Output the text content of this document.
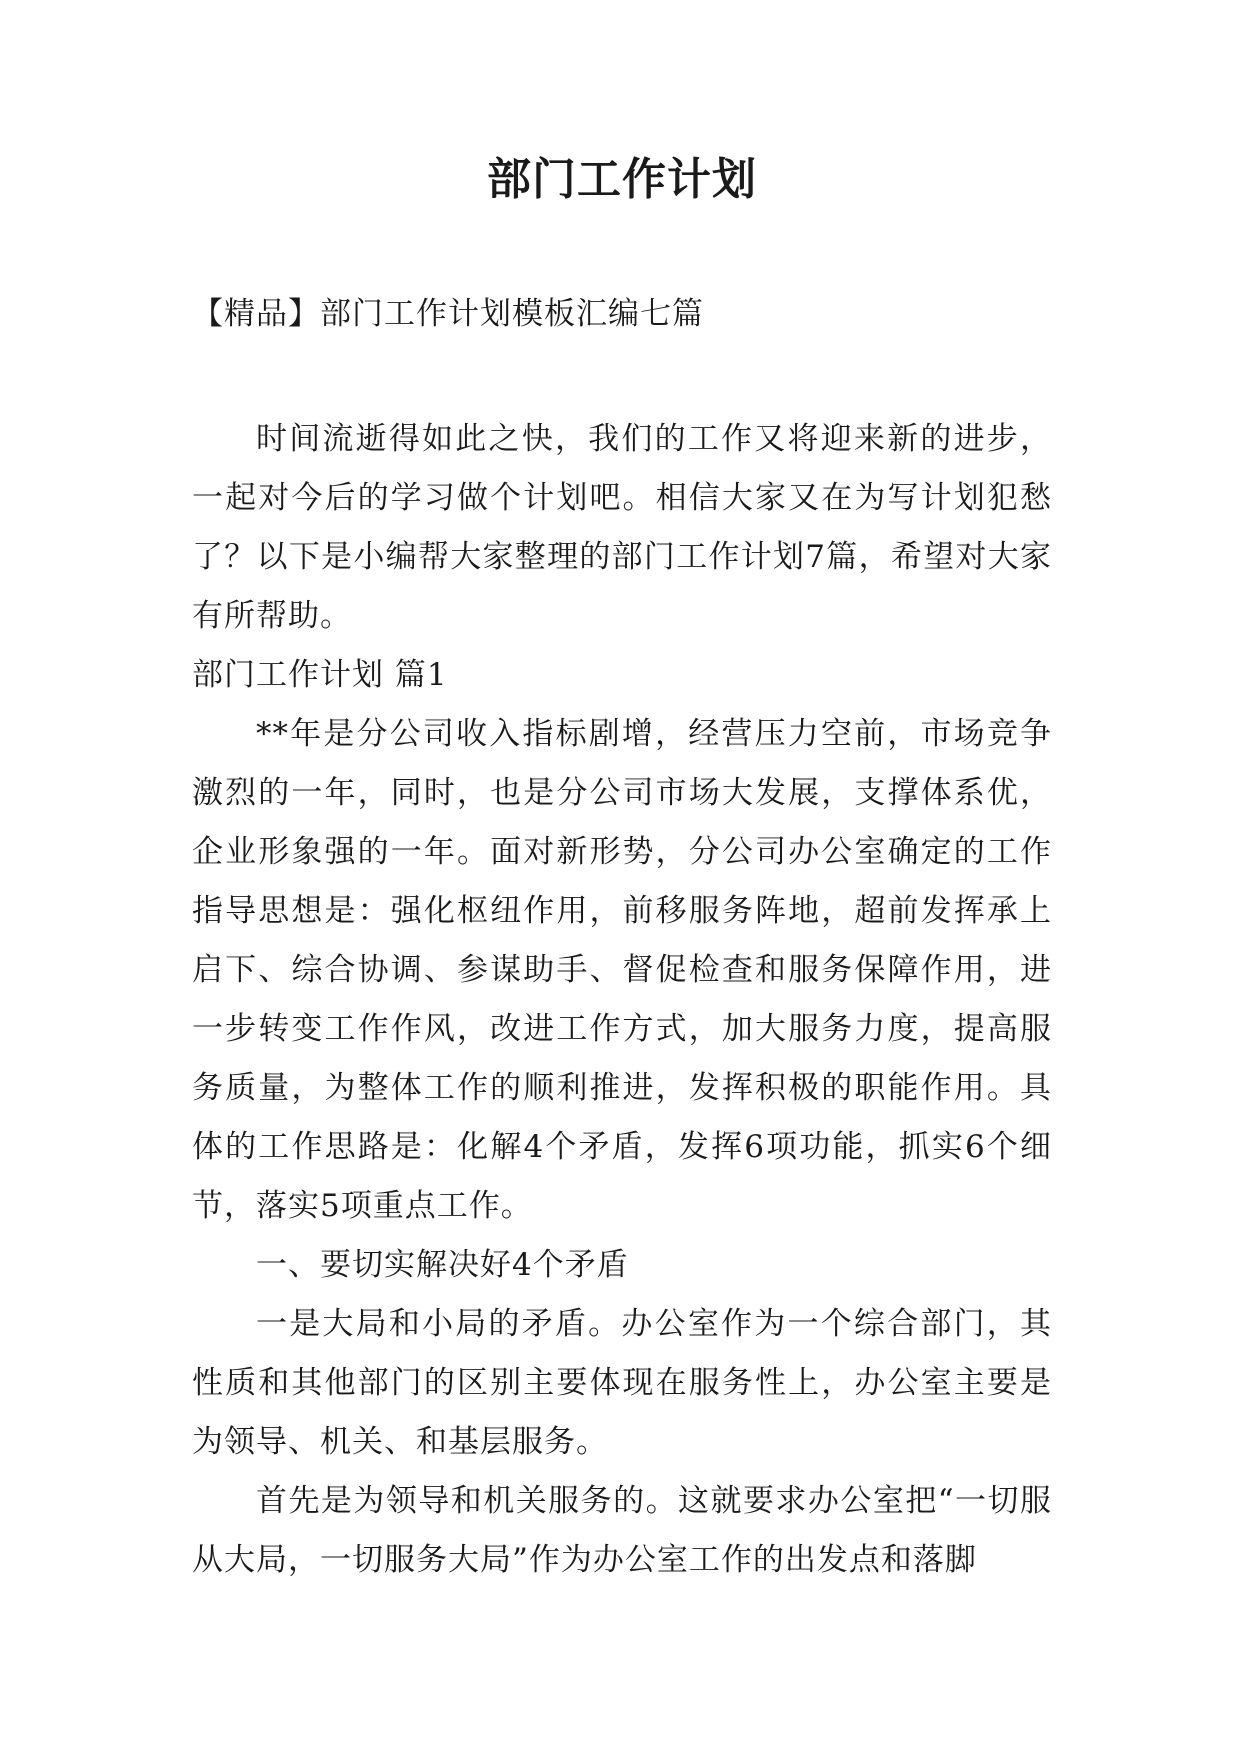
部门工作计划

【精品】部门工作计划模板汇编七篇

时间流逝得如此之快，我们的工作又将迎来新的进步，一起对今后的学习做个计划吧。相信大家又在为写计划犯愁了？以下是小编帮大家整理的部门工作计划7篇，希望对大家有所帮助。

部门工作计划 篇1

**年是分公司收入指标剧增，经营压力空前，市场竞争激烈的一年，同时，也是分公司市场大发展，支撑体系优，企业形象强的一年。面对新形势，分公司办公室确定的工作指导思想是：强化枢纽作用，前移服务阵地，超前发挥承上启下、综合协调、参谋助手、督促检查和服务保障作用，进一步转变工作作风，改进工作方式，加大服务力度，提高服务质量，为整体工作的顺利推进，发挥积极的职能作用。具体的工作思路是：化解4个矛盾，发挥6项功能，抓实6个细节，落实5项重点工作。

一、要切实解决好4个矛盾

一是大局和小局的矛盾。办公室作为一个综合部门，其性质和其他部门的区别主要体现在服务性上，办公室主要是为领导、机关、和基层服务。

首先是为领导和机关服务的。这就要求办公室把“一切服从大局，一切服务大局”作为办公室工作的出发点和落脚
